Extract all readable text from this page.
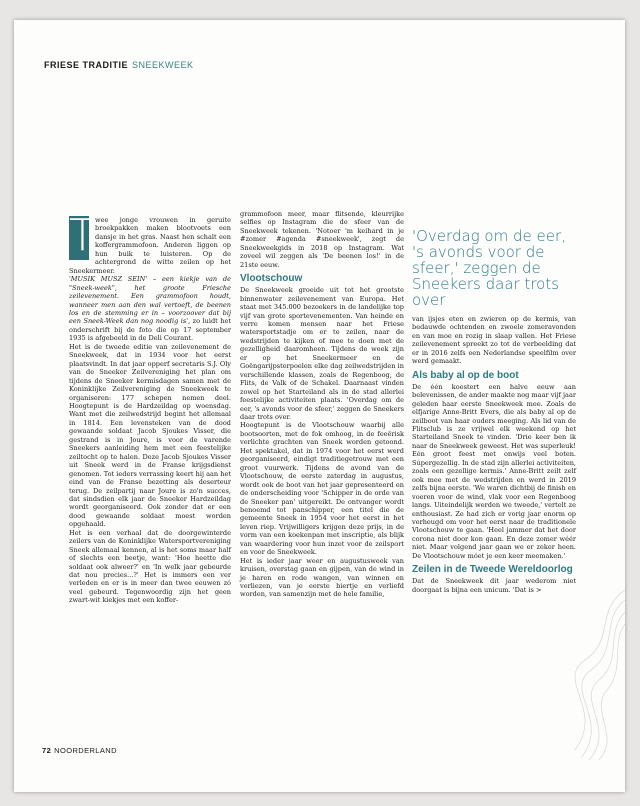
FRIESE TRADITIE SNEEKWEEK

T wee jonge vrouwen in geruite broekpakken maken blootvoets een dansje in het gras. Naast hen schalt een koffergrammofoon. Anderen liggen op hun buik te luisteren. Op de achtergrond de witte zeilen op het Sneekermeer.

'MUSIK MUSZ SEIN' – een kiekje van de "Sneek-week", het groote Friesche zeilevenement. Een grammofoon houdt, wanneer men aan den wal vertoeft, de beenen los en de stemming er in – voorzoover dat bij een Sneek-Week dan nog noodig is', zo luidt het onderschrift bij de foto die op 17 september 1935 is afgebeeld in de Deli Courant.

Het is de tweede editie van zeilevenement de Sneekweek, dat in 1934 voor het eerst plaatsvindt. In dat jaar opperf secretaris S.J. Oly van de Sneeker Zeilvereniging het plan om tijdens de Sneeker kermisdagen samen met de Koninklijke Zeilvereniging de Sneekweek te organiseren: 177 schepen nemen deel. Hoogtepunt is de Hardzeildag op woensdag. Want met die zeilwedstrijd begint het allemaal in 1814. Een levensteken van de dood gewaande soldaat Jacob Sjoukes Visser, die gestrand is in Joure, is voor de varende Sneekers aanleiding hem met een feestelijke zeiltocht op te halen. Deze Jacob Sjoukes Visser uit Sneek werd in de Franse krijgsdienst genomen. Tot ieders verrassing keert hij aan het eind van de Franse bezetting als deserteur terug. De zeilpartij naar Joure is zo'n succes, dat sindsdien elk jaar de Sneeker Hardzeildag wordt georganiseerd. Ook zonder dat er een dood gewaande soldaat moest worden opgehaald.

Het is een verhaal dat de doorgewinterde zeilers van de Koninklijke Watersportvereniging Sneek allemaal kennen, al is het soms maar half of slechts een beetje, want: 'Hoe heette die soldaat ook alweer?' en 'In welk jaar gebeurde dat nou precies...?' Het is immers een ver verleden en er is in meer dan twee eeuwen zó veel gebeurd. Tegenwoordig zijn het geen zwart-wit kiekjes met een koffer-

grammofoon meer, maar flitsende, kleurrijke selfies op Instagram die de sfeer van de Sneekweek tekenen. 'Notoer 'm keihard in je #zomer #agenda #sneekweek', zegt de Sneekweekgids in 2018 op Instagram. Wat zoveel wil zeggen als 'De beenen los!' in de 21ste eeuw.

Vlootschouw

De Sneekweek groeide uit tot het grootste binnenwater zeilevenement van Europa. Het staat met 345.000 bezoekers in de landelijke top vijf van grote sportevenementen. Van heinde en verre komen mensen naar het Friese watersportstadje om er te zeilen, naar de wedstrijden te kijken of mee te doen met de gezelligheid daaromheen. Tijdens de week zijn er op het Sneekermeer en de Goëngarijpsterpoelen elke dag zeilwedstrijden in verschillende klassen, zoals de Regenboog, de Flits, de Valk of de Schakel. Daarnaast vinden zowel op het Starteiland als in de stad allerlei feestelijke activiteiten plaats. 'Overdag om de eer, 's avonds voor de sfeer,' zeggen de Sneekers daar trots over.

Hoogtepunt is de Vlootschouw waarbij alle bootsoorten, met de fok omhoog, in de feeërisk verlichte grachten van Sneek worden getoond. Het spektakel, dat in 1974 voor het eerst werd georganiseerd, eindigt traditiegetrouw met een groot vuurwerk. Tijdens de avond van de Vlootschouw, de eerste zaterdag in augustus, wordt ook de boot van het jaar gepresenteerd en de onderscheiding voor 'Schipper in de orde van de Sneeker pan' uitgereikt. De ontvanger wordt benoemd tot panschipper, een titel die de gemeente Sneek in 1954 voor het eerst in het leven riep. Vrijwilligers krijgen deze prijs, in de vorm van een koekenpan met inscriptie, als blijk van waardering voor hun inzet voor de zeilsport en voor de Sneekweek.

Het is ieder jaar weer en augustusweek van kruisen, overstag gaan en gijpen, van de wind in je haren en rode wangen, van winnen en verliezen, van je eerste biertje en verliefd worden, van samenzijn met de hele familie,

'Overdag om de eer, 's avonds voor de sfeer,' zeggen de Sneekers daar trots over

van ijsjes eten en zwieren op de kermis, van bedauwde ochtenden en zwoele zomeravonden en van moe en rozig in slaap vallen. Het Friese zeilevenement spreekt zo tot de verbeelding dat er in 2016 zelfs een Nederlandse speelfilm over werd gemaakt.

Als baby al op de boot

De één koestert een halve eeuw aan belevenissen, de ander maakte nog maar vijf jaar geleden haar eerste Sneekweek mee. Zoals de elfjarige Anne-Britt Evers, die als baby al op de zeilboot van haar ouders meeging. Als lid van de Flitsclub is ze vrijwel elk weekend op het Starteiland Sneek te vinden. 'Drie keer ben ik naar de Sneekweek geweest. Het was superleuk! Eén groot feest met onwijs veel boten. Súpergezellig. In de stad zijn allerlei activiteiten, zoals een gezellige kermis.' Anne-Britt zeilt zelf ook mee met de wedstrijden en werd in 2019 zelfs bijna eerste. 'We waren dichtbij de finish en voeren voor de wind, vlak voor een Regenboog langs. Uiteindelijk werden we tweede,' vertelt ze enthousiast. Ze had zich er vorig jaar enorm op verheugd om voor het eerst naar de traditionele Vlootschouw te gaan. 'Heel jammer dat het door corona niet door kon gaan. En deze zomer wéér niet. Maar volgend jaar gaan we er zeker heen. De Vlootschouw móet je een keer meemaken.'

Zeilen in de Tweede Wereldoorlog

Dat de Sneekweek dit jaar wederom niet doorgaat is bijna een unicum. 'Dat is >

72 NOORDERLAND
